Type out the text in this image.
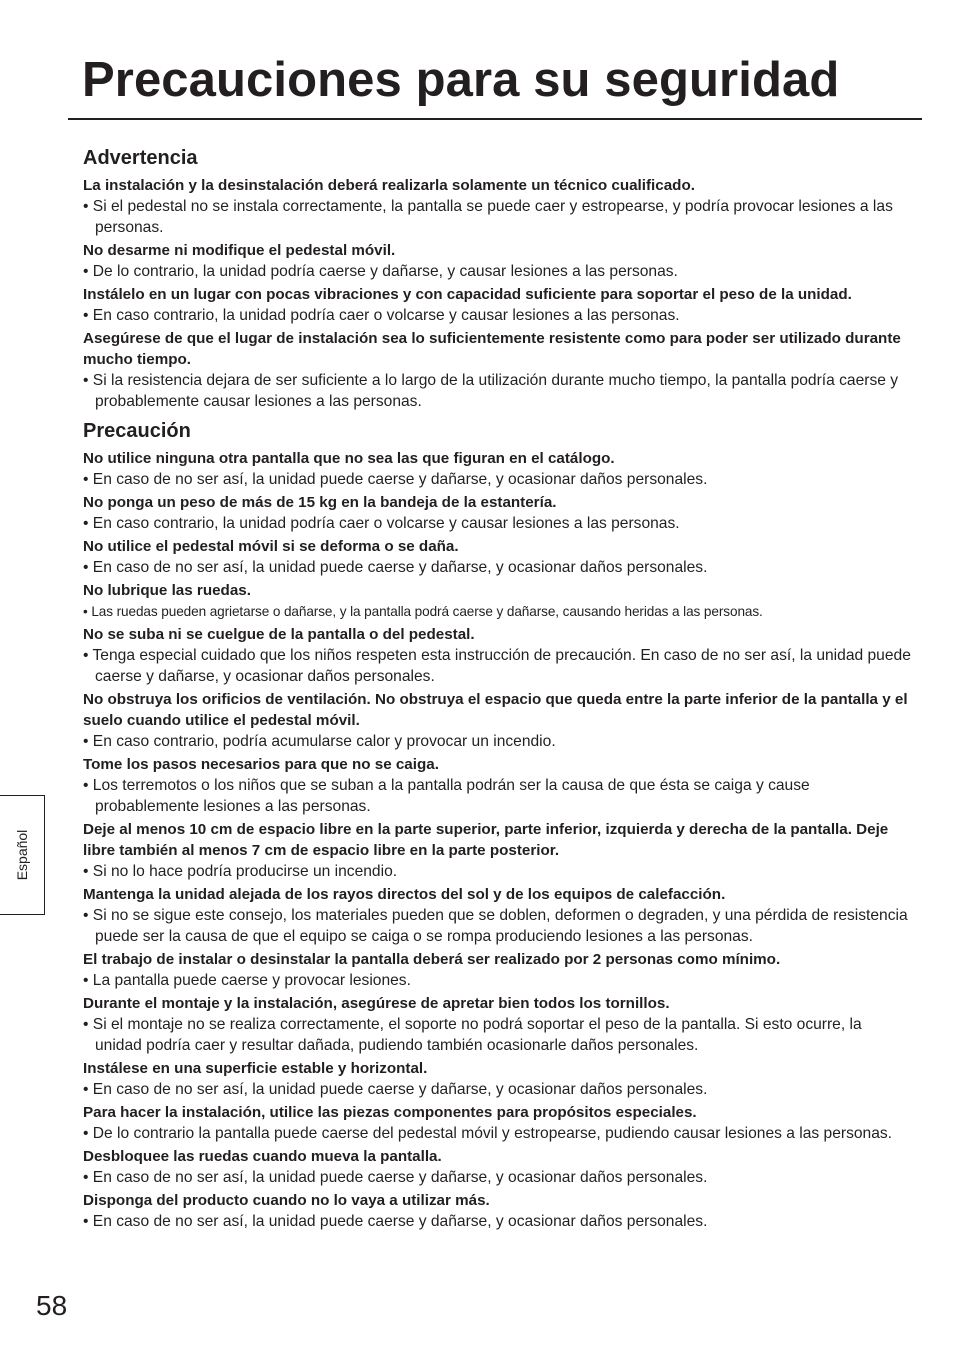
Precauciones para su seguridad
Advertencia
La instalación y la desinstalación deberá realizarla solamente un técnico cualificado.
• Si el pedestal no se instala correctamente, la pantalla se puede caer y estropearse, y podría provocar lesiones a las personas.
No desarme ni modifique el pedestal móvil.
• De lo contrario, la unidad podría caerse y dañarse, y causar lesiones a las personas.
Instálelo en un lugar con pocas vibraciones y con capacidad suficiente para soportar el peso de la unidad.
• En caso contrario, la unidad podría caer o volcarse y causar lesiones a las personas.
Asegúrese de que el lugar de instalación sea lo suficientemente resistente como para poder ser utilizado durante mucho tiempo.
• Si la resistencia dejara de ser suficiente a lo largo de la utilización durante mucho tiempo, la pantalla podría caerse y probablemente causar lesiones a las personas.
Precaución
No utilice ninguna otra pantalla que no sea las que figuran en el catálogo.
• En caso de no ser así, la unidad puede caerse y dañarse, y ocasionar daños personales.
No ponga un peso de más de 15 kg en la bandeja de la estantería.
• En caso contrario, la unidad podría caer o volcarse y causar lesiones a las personas.
No utilice el pedestal móvil si se deforma o se daña.
• En caso de no ser así, la unidad puede caerse y dañarse, y ocasionar daños personales.
No lubrique las ruedas.
• Las ruedas pueden agrietarse o dañarse, y la pantalla podrá caerse y dañarse, causando heridas a las personas.
No se suba ni se cuelgue de la pantalla o del pedestal.
• Tenga especial cuidado que los niños respeten esta instrucción de precaución. En caso de no ser así, la unidad puede caerse y dañarse, y ocasionar daños personales.
No obstruya los orificios de ventilación. No obstruya el espacio que queda entre la parte inferior de la pantalla y el suelo cuando utilice el pedestal móvil.
• En caso contrario, podría acumularse calor y provocar un incendio.
Tome los pasos necesarios para que no se caiga.
• Los terremotos o los niños que se suban a la pantalla podrán ser la causa de que ésta se caiga y cause probablemente lesiones a las personas.
Deje al menos 10 cm de espacio libre en la parte superior, parte inferior, izquierda y derecha de la pantalla. Deje libre también al menos 7 cm de espacio libre en la parte posterior.
• Si no lo hace podría producirse un incendio.
Mantenga la unidad alejada de los rayos directos del sol y de los equipos de calefacción.
• Si no se sigue este consejo, los materiales pueden que se doblen, deformen o degraden, y una pérdida de resistencia puede ser la causa de que el equipo se caiga o se rompa produciendo lesiones a las personas.
El trabajo de instalar o desinstalar la pantalla deberá ser realizado por 2 personas como mínimo.
• La pantalla puede caerse y provocar lesiones.
Durante el montaje y la instalación, asegúrese de apretar bien todos los tornillos.
• Si el montaje no se realiza correctamente, el soporte no podrá soportar el peso de la pantalla. Si esto ocurre, la unidad podría caer y resultar dañada, pudiendo también ocasionarle daños personales.
Instálese en una superficie estable y horizontal.
• En caso de no ser así, la unidad puede caerse y dañarse, y ocasionar daños personales.
Para hacer la instalación, utilice las piezas componentes para propósitos especiales.
• De lo contrario la pantalla puede caerse del pedestal móvil y estropearse, pudiendo causar lesiones a las personas.
Desbloquee las ruedas cuando mueva la pantalla.
• En caso de no ser así, la unidad puede caerse y dañarse, y ocasionar daños personales.
Disponga del producto cuando no lo vaya a utilizar más.
• En caso de no ser así, la unidad puede caerse y dañarse, y ocasionar daños personales.
Español
58
